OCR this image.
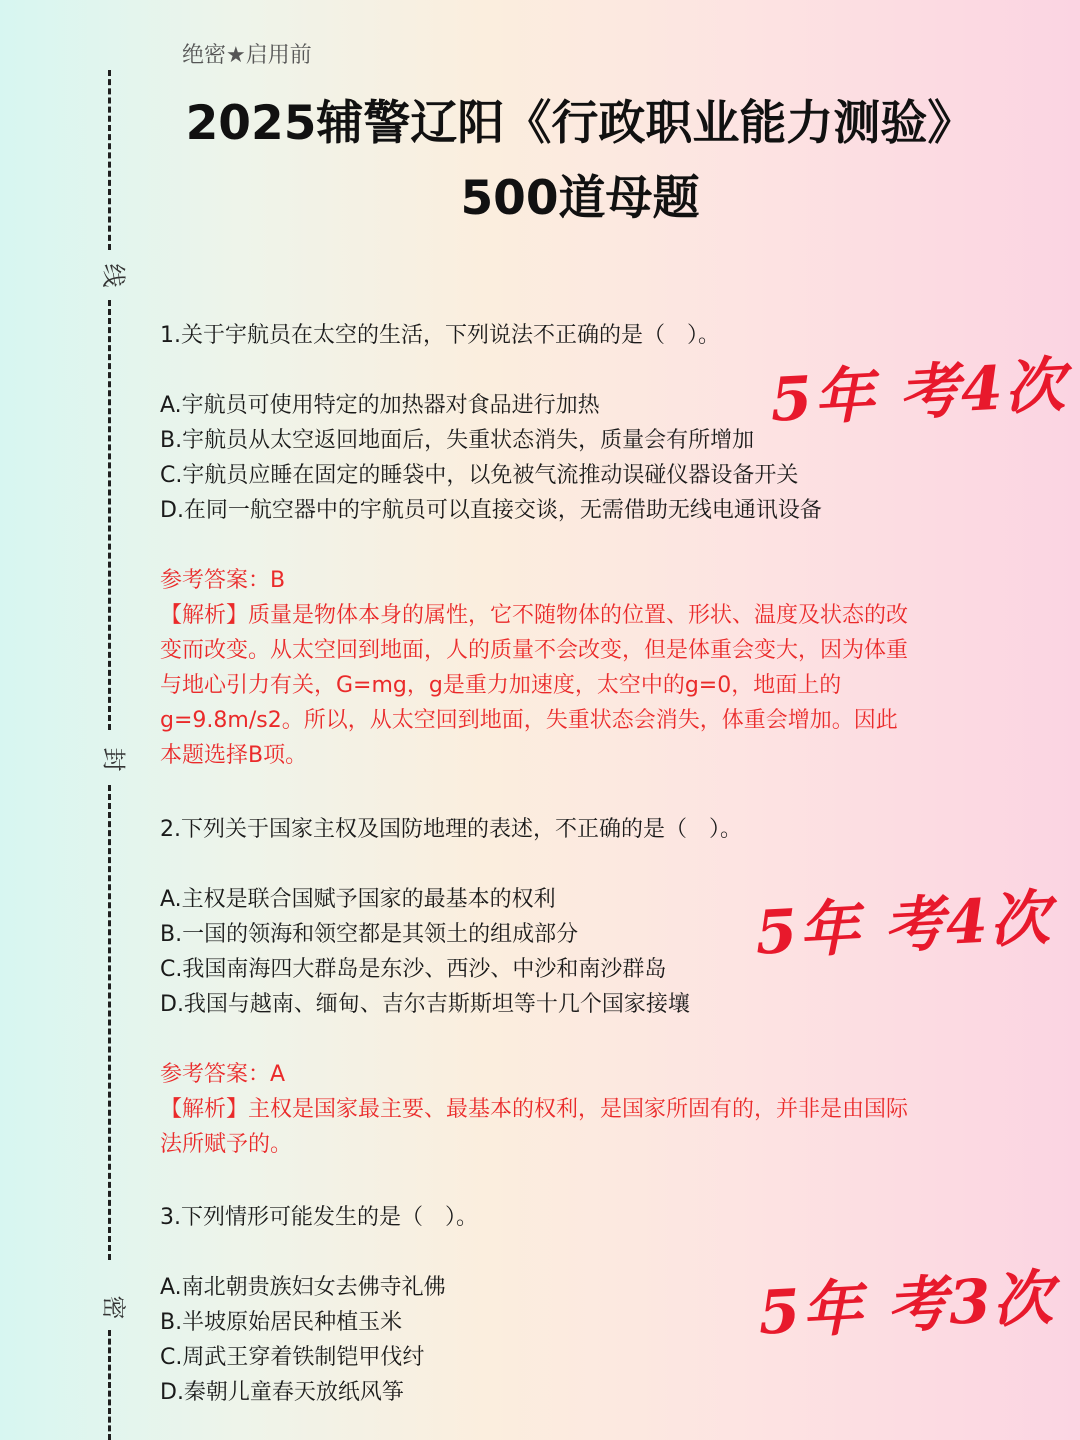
线
封
密
绝密★启用前
2025辅警辽阳《行政职业能力测验》
500道母题
1.关于宇航员在太空的生活，下列说法不正确的是（　）。
A.宇航员可使用特定的加热器对食品进行加热
B.宇航员从太空返回地面后，失重状态消失，质量会有所增加
C.宇航员应睡在固定的睡袋中，以免被气流推动误碰仪器设备开关
D.在同一航空器中的宇航员可以直接交谈，无需借助无线电通讯设备
参考答案：B
【解析】质量是物体本身的属性，它不随物体的位置、形状、温度及状态的改
变而改变。从太空回到地面，人的质量不会改变，但是体重会变大，因为体重
与地心引力有关，G=mg，g是重力加速度，太空中的g=0，地面上的
g=9.8m/s2。所以，从太空回到地面，失重状态会消失，体重会增加。因此
本题选择B项。
5年 考4次
2.下列关于国家主权及国防地理的表述，不正确的是（　）。
A.主权是联合国赋予国家的最基本的权利
B.一国的领海和领空都是其领土的组成部分
C.我国南海四大群岛是东沙、西沙、中沙和南沙群岛
D.我国与越南、缅甸、吉尔吉斯斯坦等十几个国家接壤
参考答案：A
【解析】主权是国家最主要、最基本的权利，是国家所固有的，并非是由国际
法所赋予的。
5年 考4次
3.下列情形可能发生的是（　）。
A.南北朝贵族妇女去佛寺礼佛
B.半坡原始居民种植玉米
C.周武王穿着铁制铠甲伐纣
D.秦朝儿童春天放纸风筝
5年 考3次
